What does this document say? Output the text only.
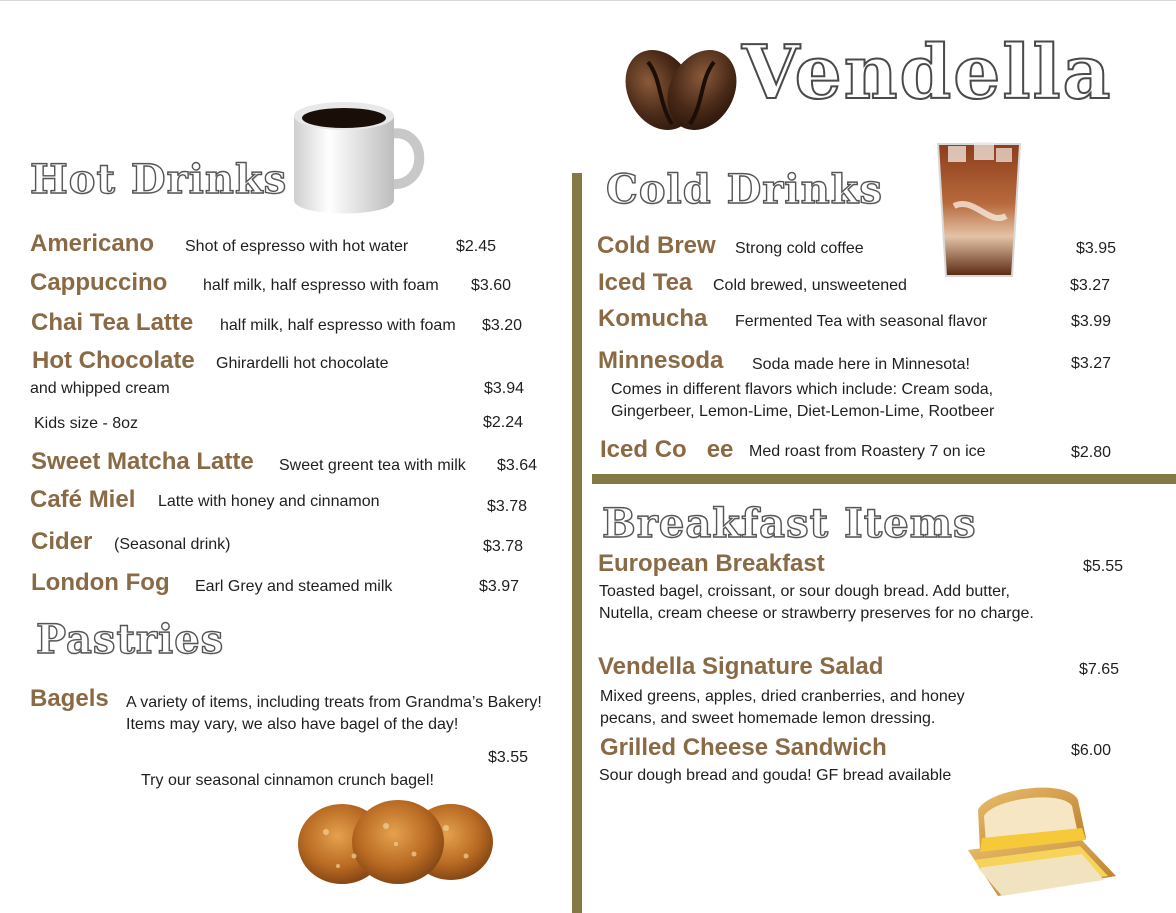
Vendella
Hot Drinks
Americano Shot of espresso with hot water	$2.45
Cappuccino half milk, half espresso with foam $3.60
Chai Tea Latte half milk, half espresso with foam $3.20
Hot Chocolate Ghirardelli hot chocolate
and whipped cream	$3.94
Kids size - 8oz	$2.24
Sweet Matcha Latte Sweet greent tea with milk $3.64
Café Miel Latte with honey and cinnamon	$3.78
Cider (Seasonal drink)	$3.78
London Fog Earl Grey and steamed milk	$3.97
Pastries
Bagels A variety of items, including treats from Grandma’s Bakery! Items may vary, we also have bagel of the day!
$3.55
Try our seasonal cinnamon crunch bagel!
Cold Drinks
Cold Brew Strong cold coffee	$3.95
Iced Tea Cold brewed, unsweetened	$3.27
Komucha Fermented Tea with seasonal flavor	$3.99
Minnesoda Soda made here in Minnesota!	$3.27
Comes in different flavors which include: Cream soda, Gingerbeer, Lemon-Lime, Diet-Lemon-Lime, Rootbeer
Iced Co   ee Med roast from Roastery 7 on ice	$2.80
Breakfast Items
European Breakfast	$5.55
Toasted bagel, croissant, or sour dough bread. Add butter, Nutella, cream cheese or strawberry preserves for no charge.
Vendella Signature Salad	$7.65
Mixed greens, apples, dried cranberries, and honey pecans, and sweet homemade lemon dressing.
Grilled Cheese Sandwich	$6.00
Sour dough bread and gouda! GF bread available
